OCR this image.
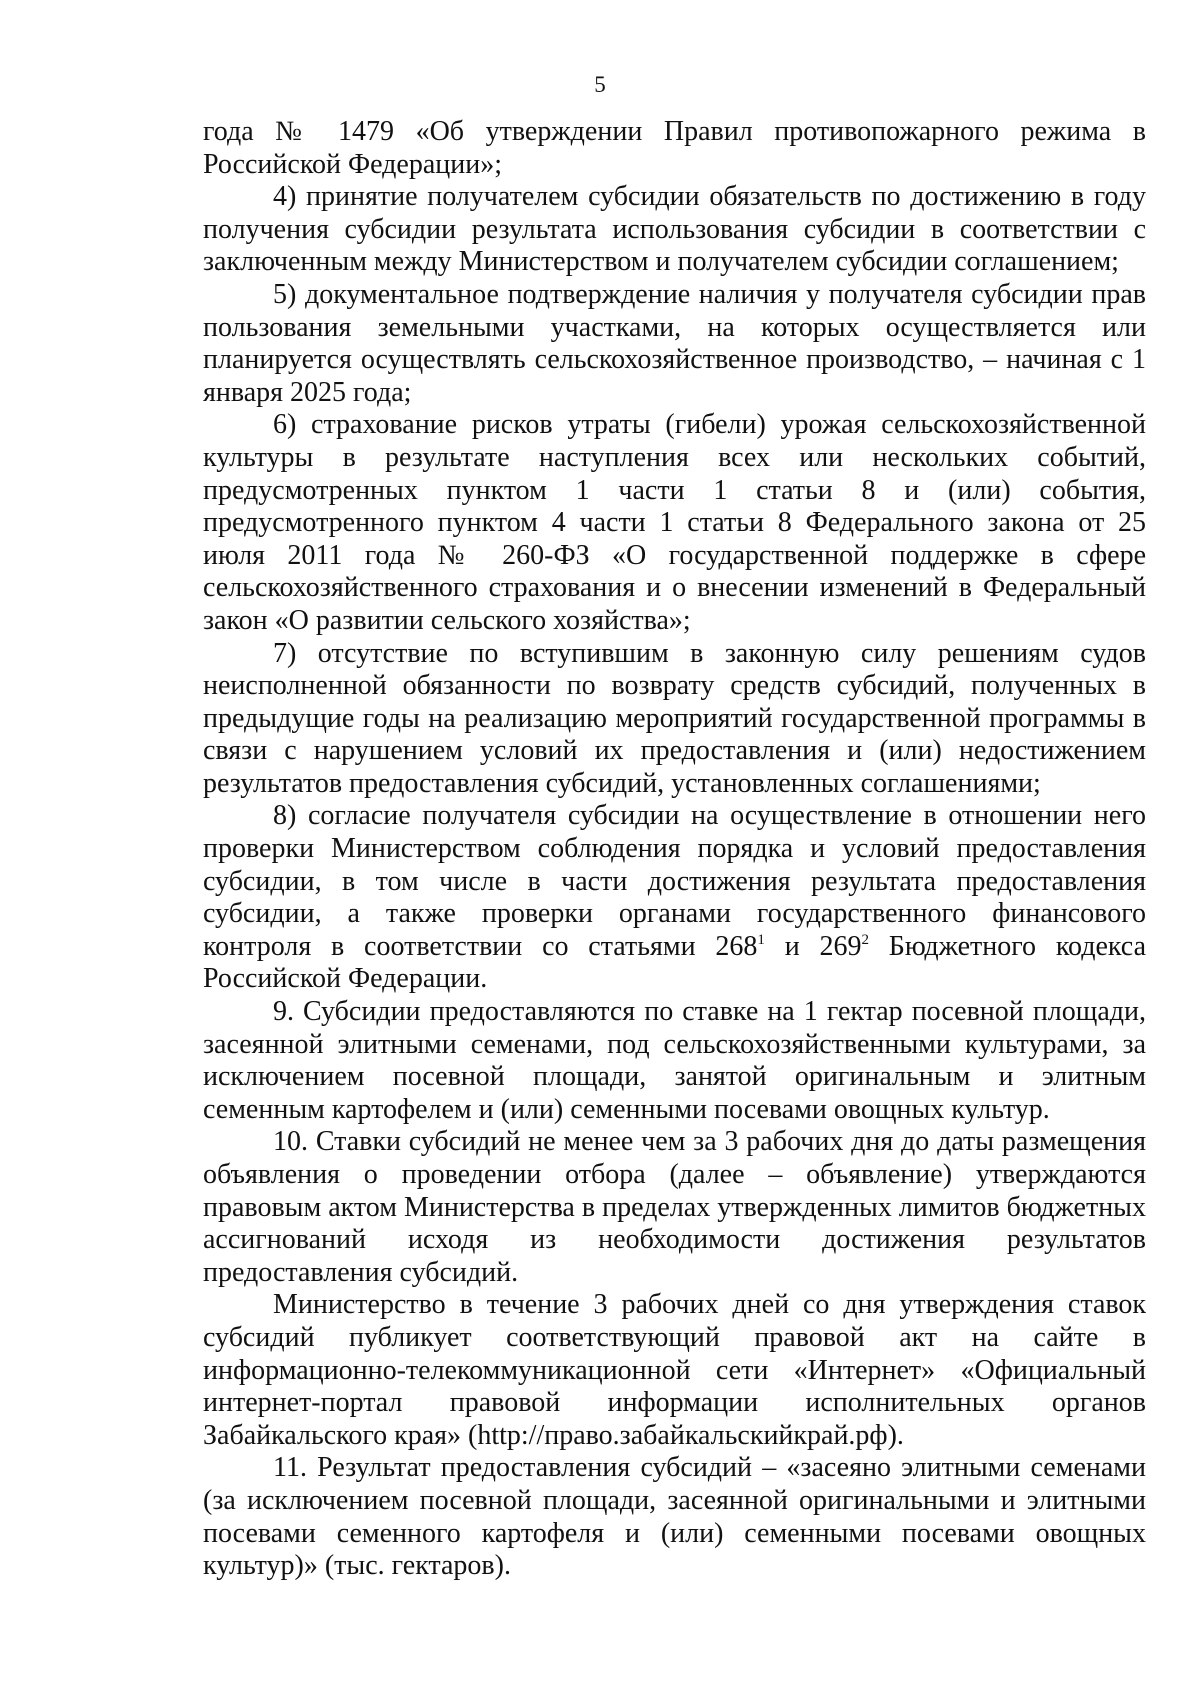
5

года № 1479 «Об утверждении Правил противопожарного режима в Российской Федерации»;

4) принятие получателем субсидии обязательств по достижению в году получения субсидии результата использования субсидии в соответствии с заключенным между Министерством и получателем субсидии соглашением;

5) документальное подтверждение наличия у получателя субсидии прав пользования земельными участками, на которых осуществляется или планируется осуществлять сельскохозяйственное производство, – начиная с 1 января 2025 года;

6) страхование рисков утраты (гибели) урожая сельскохозяйственной культуры в результате наступления всех или нескольких событий, предусмотренных пунктом 1 части 1 статьи 8 и (или) события, предусмотренного пунктом 4 части 1 статьи 8 Федерального закона от 25 июля 2011 года № 260-ФЗ «О государственной поддержке в сфере сельскохозяйственного страхования и о внесении изменений в Федеральный закон «О развитии сельского хозяйства»;

7) отсутствие по вступившим в законную силу решениям судов неисполненной обязанности по возврату средств субсидий, полученных в предыдущие годы на реализацию мероприятий государственной программы в связи с нарушением условий их предоставления и (или) недостижением результатов предоставления субсидий, установленных соглашениями;

8) согласие получателя субсидии на осуществление в отношении него проверки Министерством соблюдения порядка и условий предоставления субсидии, в том числе в части достижения результата предоставления субсидии, а также проверки органами государственного финансового контроля в соответствии со статьями $268^1$ и $269^2$ Бюджетного кодекса Российской Федерации.

9. Субсидии предоставляются по ставке на 1 гектар посевной площади, засеянной элитными семенами, под сельскохозяйственными культурами, за исключением посевной площади, занятой оригинальным и элитным семенным картофелем и (или) семенными посевами овощных культур.

10. Ставки субсидий не менее чем за 3 рабочих дня до даты размещения объявления о проведении отбора (далее – объявление) утверждаются правовым актом Министерства в пределах утвержденных лимитов бюджетных ассигнований исходя из необходимости достижения результатов предоставления субсидий.

Министерство в течение 3 рабочих дней со дня утверждения ставок субсидий публикует соответствующий правовой акт на сайте в информационно-телекоммуникационной сети «Интернет» «Официальный интернет-портал правовой информации исполнительных органов Забайкальского края» (http://право.забайкальскийкрай.рф).

11. Результат предоставления субсидий – «засеяно элитными семенами (за исключением посевной площади, засеянной оригинальными и элитными посевами семенного картофеля и (или) семенными посевами овощных культур)» (тыс. гектаров).
